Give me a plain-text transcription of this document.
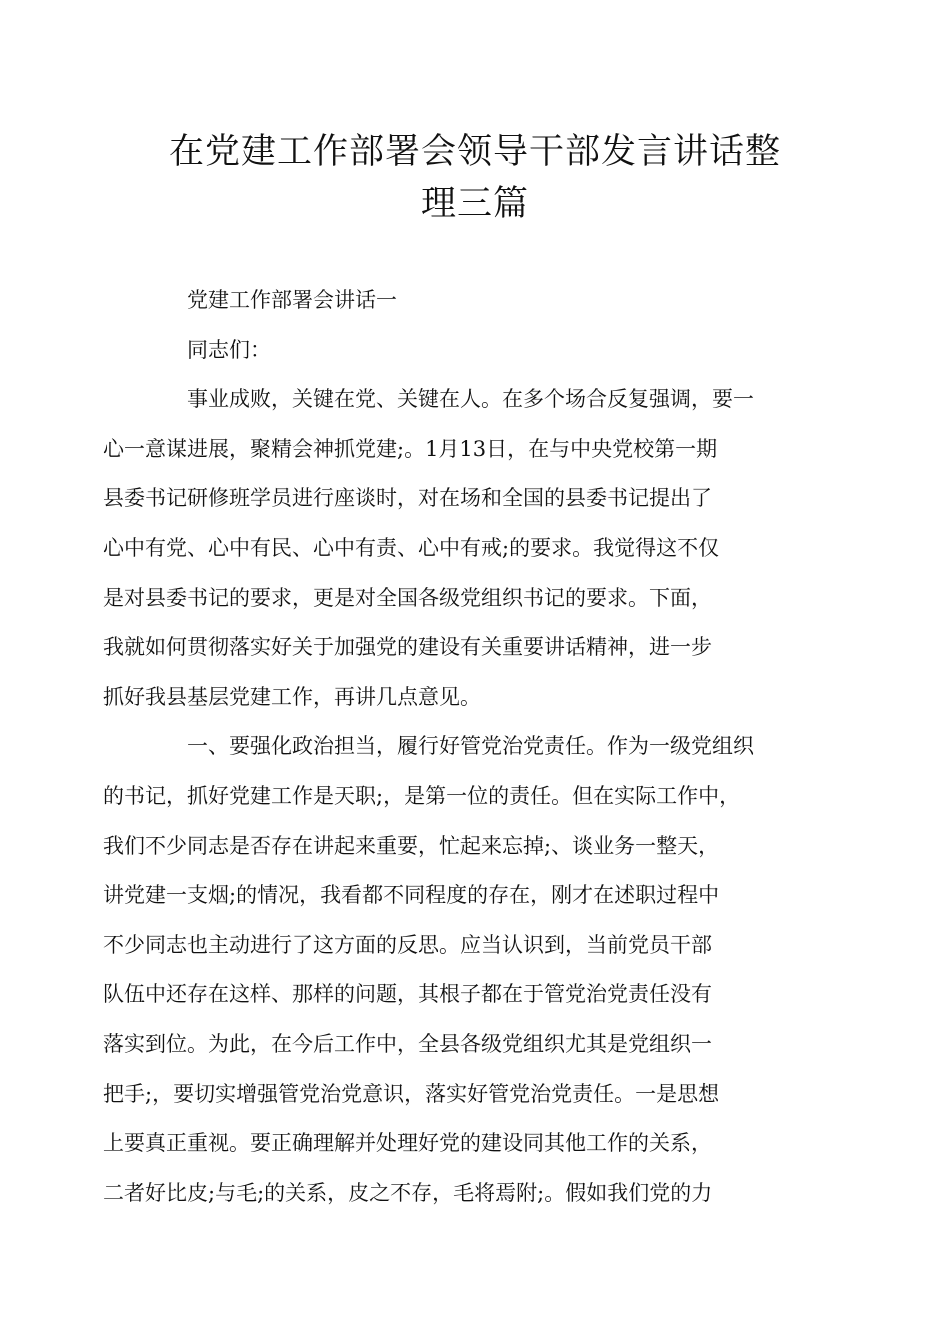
在党建工作部署会领导干部发言讲话整
理三篇

党建工作部署会讲话一

同志们：

事业成败，关键在党、关键在人。在多个场合反复强调，要一
心一意谋进展，聚精会神抓党建;。1月13日，在与中央党校第一期
县委书记研修班学员进行座谈时，对在场和全国的县委书记提出了
心中有党、心中有民、心中有责、心中有戒;的要求。我觉得这不仅
是对县委书记的要求，更是对全国各级党组织书记的要求。下面，
我就如何贯彻落实好关于加强党的建设有关重要讲话精神，进一步
抓好我县基层党建工作，再讲几点意见。

一、要强化政治担当，履行好管党治党责任。作为一级党组织
的书记，抓好党建工作是天职;，是第一位的责任。但在实际工作中，
我们不少同志是否存在讲起来重要，忙起来忘掉;、谈业务一整天，
讲党建一支烟;的情况，我看都不同程度的存在，刚才在述职过程中
不少同志也主动进行了这方面的反思。应当认识到，当前党员干部
队伍中还存在这样、那样的问题，其根子都在于管党治党责任没有
落实到位。为此，在今后工作中，全县各级党组织尤其是党组织一
把手;，要切实增强管党治党意识，落实好管党治党责任。一是思想
上要真正重视。要正确理解并处理好党的建设同其他工作的关系，
二者好比皮;与毛;的关系，皮之不存，毛将焉附;。假如我们党的力
